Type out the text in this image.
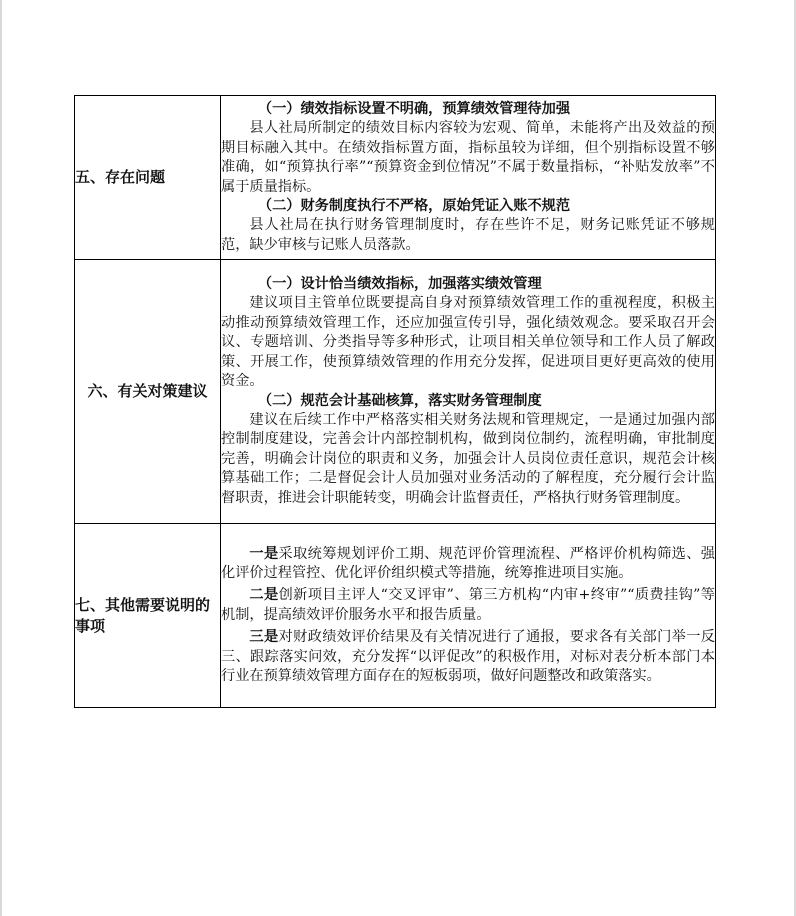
五、存在问题	（一）绩效指标设置不明确，预算绩效管理待加强

县人社局所制定的绩效目标内容较为宏观、简单，未能将产出及效益的预期目标融入其中。在绩效指标置方面，指标虽较为详细，但个别指标设置不够准确，如“预算执行率”“预算资金到位情况”不属于数量指标，“补贴发放率”不属于质量指标。

（二）财务制度执行不严格，原始凭证入账不规范

县人社局在执行财务管理制度时，存在些许不足，财务记账凭证不够规范，缺少审核与记账人员落款。

六、有关对策建议	（一）设计恰当绩效指标，加强落实绩效管理

建议项目主管单位既要提高自身对预算绩效管理工作的重视程度，积极主动推动预算绩效管理工作，还应加强宣传引导，强化绩效观念。要采取召开会议、专题培训、分类指导等多种形式，让项目相关单位领导和工作人员了解政策、开展工作，使预算绩效管理的作用充分发挥，促进项目更好更高效的使用资金。

（二）规范会计基础核算，落实财务管理制度

建议在后续工作中严格落实相关财务法规和管理规定，一是通过加强内部控制制度建设，完善会计内部控制机构，做到岗位制约，流程明确，审批制度完善，明确会计岗位的职责和义务，加强会计人员岗位责任意识，规范会计核算基础工作；二是督促会计人员加强对业务活动的了解程度，充分履行会计监督职责，推进会计职能转变，明确会计监督责任，严格执行财务管理制度。

七、其他需要说明的事项	一是采取统筹规划评价工期、规范评价管理流程、严格评价机构筛选、强化评价过程管控、优化评价组织模式等措施，统筹推进项目实施。

二是创新项目主评人“交叉评审”、第三方机构“内审+终审”“质费挂钩”等机制，提高绩效评价服务水平和报告质量。

三是对财政绩效评价结果及有关情况进行了通报，要求各有关部门举一反三、跟踪落实问效，充分发挥“以评促改”的积极作用，对标对表分析本部门本行业在预算绩效管理方面存在的短板弱项，做好问题整改和政策落实。
